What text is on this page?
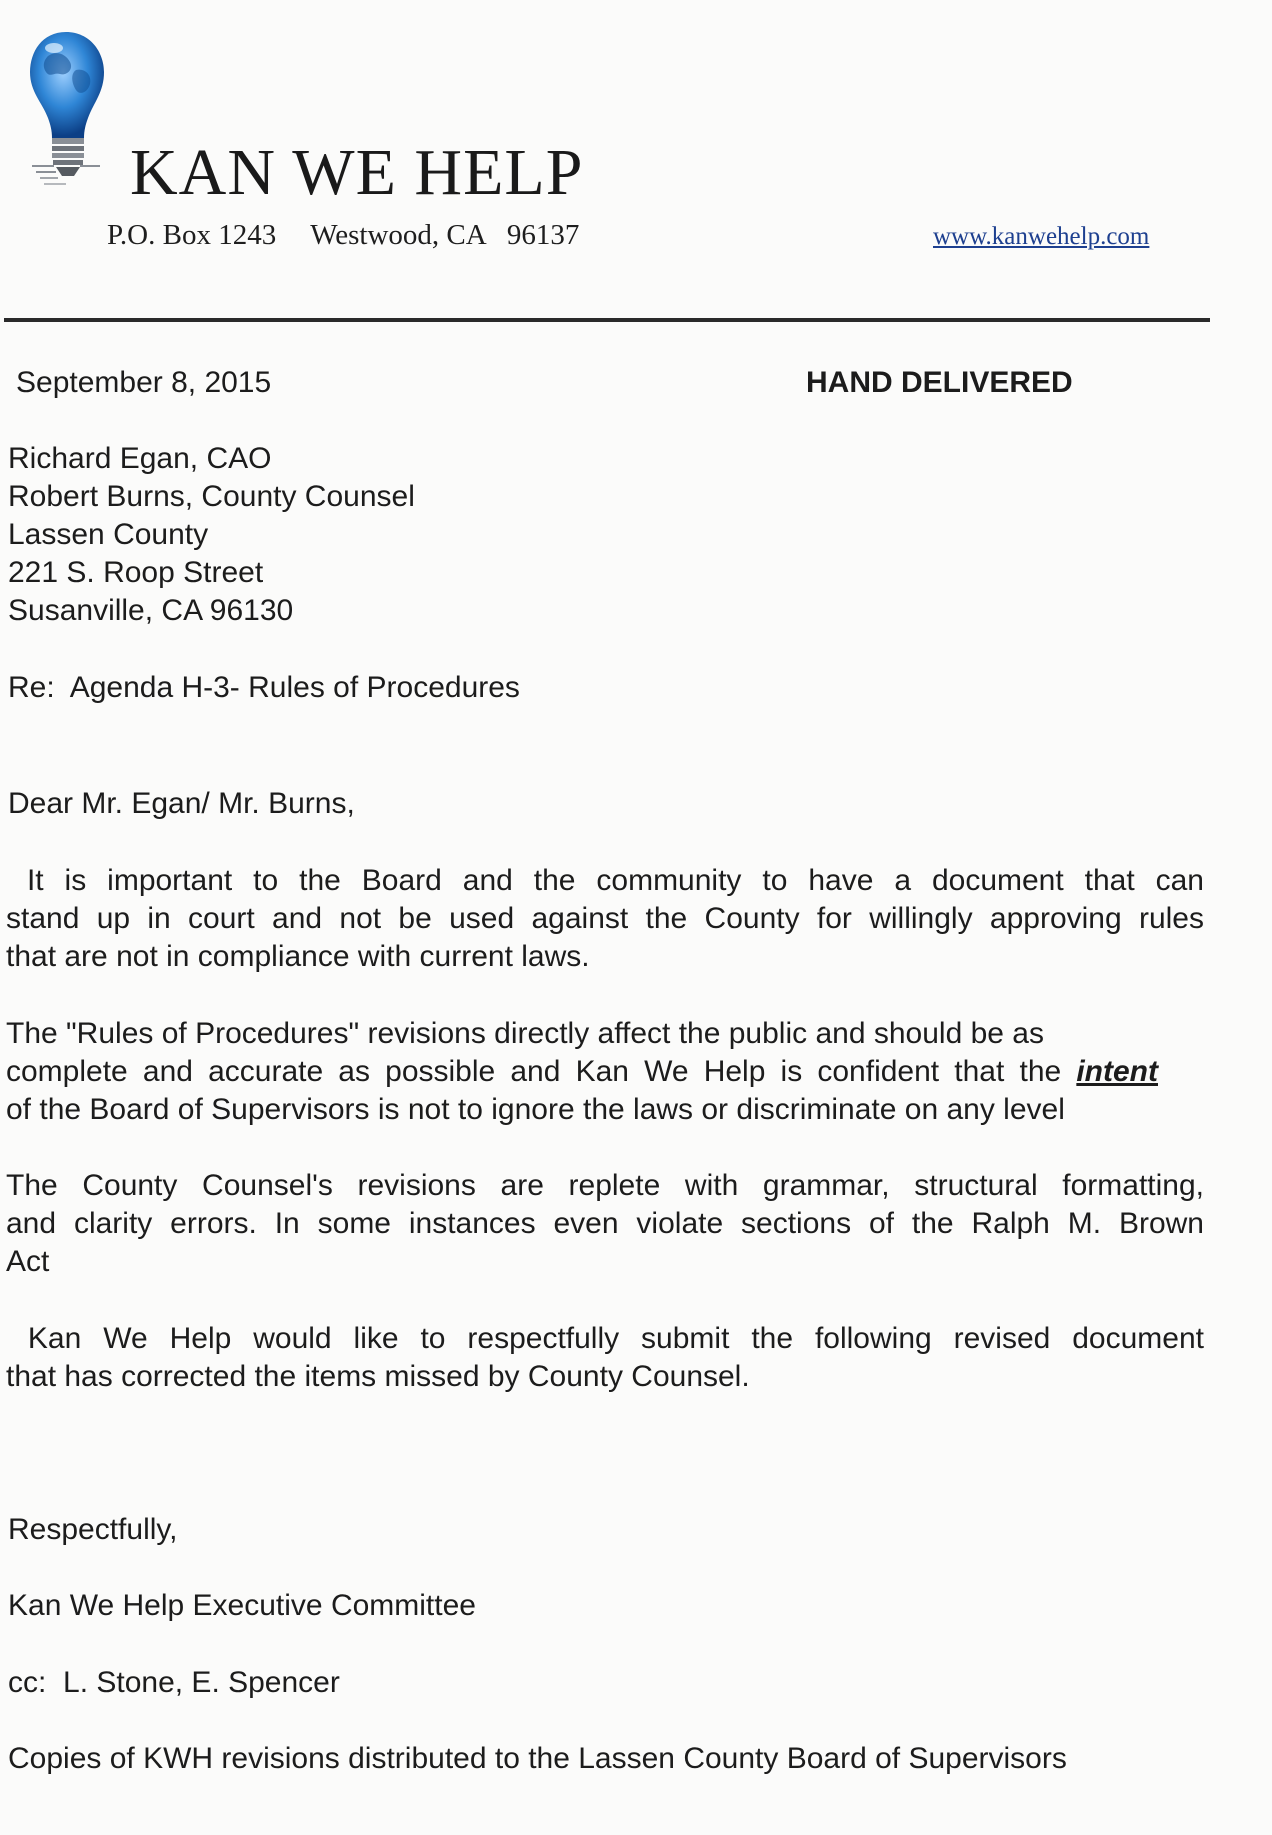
KAN WE HELP
P.O. Box 1243 Westwood, CA   96137	www.kanwehelp.com
September 8, 2015	HAND DELIVERED
Richard Egan, CAO
Robert Burns, County Counsel
Lassen County
221 S. Roop Street
Susanville, CA 96130
Re:  Agenda H-3- Rules of Procedures
Dear Mr. Egan/ Mr. Burns,
It is important to the Board and the community to have a document that can
stand up in court and not be used against the County for willingly approving rules
that are not in compliance with current laws.
The "Rules of Procedures" revisions directly affect the public and should be as
complete and accurate as possible and Kan We Help is confident that the intent
of the Board of Supervisors is not to ignore the laws or discriminate on any level
The County Counsel's revisions are replete with grammar, structural formatting,
and clarity errors. In some instances even violate sections of the Ralph M. Brown
Act
Kan We Help would like to respectfully submit the following revised document
that has corrected the items missed by County Counsel.
Respectfully,
Kan We Help Executive Committee
cc:  L. Stone, E. Spencer
Copies of KWH revisions distributed to the Lassen County Board of Supervisors
